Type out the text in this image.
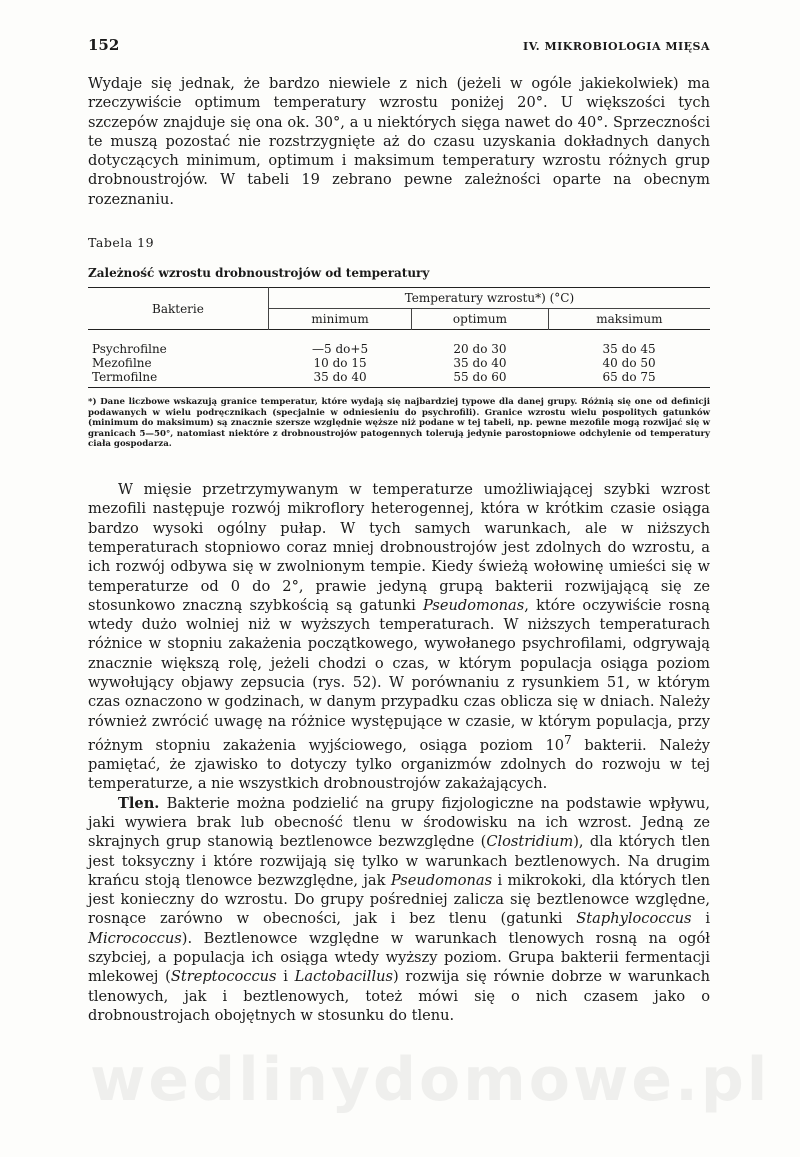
152	IV. MIKROBIOLOGIA MIĘSA

Wydaje się jednak, że bardzo niewiele z nich (jeżeli w ogóle jakiekolwiek) ma rzeczywiście optimum temperatury wzrostu poniżej 20°. U większości tych szczepów znajduje się ona ok. 30°, a u niektórych sięga nawet do 40°. Sprzeczności te muszą pozostać nie rozstrzygnięte aż do czasu uzyskania dokładnych danych dotyczących minimum, optimum i maksimum temperatury wzrostu różnych grup drobnoustrojów. W tabeli 19 zebrano pewne zależności oparte na obecnym rozeznaniu.

Tabela 19
Zależność wzrostu drobnoustrojów od temperatury
Bakterie	Temperatury wzrostu*) (°C)		
	minimum	optimum	maksimum
Psychrofilne	—5 do+5	20 do 30	35 do 45
Mezofilne	10 do 15	35 do 40	40 do 50
Termofilne	35 do 40	55 do 60	65 do 75
*) Dane liczbowe wskazują granice temperatur, które wydają się najbardziej typowe dla danej grupy. Różnią się one od definicji podawanych w wielu podręcznikach (specjalnie w odniesieniu do psychrofili). Granice wzrostu wielu pospolitych gatunków (minimum do maksimum) są znacznie szersze względnie węższe niż podane w tej tabeli, np. pewne mezofile mogą rozwijać się w granicach 5—50°, natomiast niektóre z drobnoustrojów patogennych tolerują jedynie parostopniowe odchylenie od temperatury ciała gospodarza.

W mięsie przetrzymywanym w temperaturze umożliwiającej szybki wzrost mezofili następuje rozwój mikroflory heterogennej, która w krótkim czasie osiąga bardzo wysoki ogólny pułap. W tych samych warunkach, ale w niższych temperaturach stopniowo coraz mniej drobnoustrojów jest zdolnych do wzrostu, a ich rozwój odbywa się w zwolnionym tempie. Kiedy świeżą wołowinę umieści się w temperaturze od 0 do 2°, prawie jedyną grupą bakterii rozwijającą się ze stosunkowo znaczną szybkością są gatunki Pseudomonas, które oczywiście rosną wtedy dużo wolniej niż w wyższych temperaturach. W niższych temperaturach różnice w stopniu zakażenia początkowego, wywołanego psychrofilami, odgrywają znacznie większą rolę, jeżeli chodzi o czas, w którym populacja osiąga poziom wywołujący objawy zepsucia (rys. 52). W porównaniu z rysunkiem 51, w którym czas oznaczono w godzinach, w danym przypadku czas oblicza się w dniach. Należy również zwrócić uwagę na różnice występujące w czasie, w którym populacja, przy różnym stopniu zakażenia wyjściowego, osiąga poziom $10^7$ bakterii. Należy pamiętać, że zjawisko to dotyczy tylko organizmów zdolnych do rozwoju w tej temperaturze, a nie wszystkich drobnoustrojów zakażających.

Tlen. Bakterie można podzielić na grupy fizjologiczne na podstawie wpływu, jaki wywiera brak lub obecność tlenu w środowisku na ich wzrost. Jedną ze skrajnych grup stanowią beztlenowce bezwzględne (Clostridium), dla których tlen jest toksyczny i które rozwijają się tylko w warunkach beztlenowych. Na drugim krańcu stoją tlenowce bezwzględne, jak Pseudomonas i mikrokoki, dla których tlen jest konieczny do wzrostu. Do grupy pośredniej zalicza się beztlenowce względne, rosnące zarówno w obecności, jak i bez tlenu (gatunki Staphylococcus i Micrococcus). Beztlenowce względne w warunkach tlenowych rosną na ogół szybciej, a populacja ich osiąga wtedy wyższy poziom. Grupa bakterii fermentacji mlekowej (Streptococcus i Lactobacillus) rozwija się równie dobrze w warunkach tlenowych, jak i beztlenowych, toteż mówi się o nich czasem jako o drobnoustrojach obojętnych w stosunku do tlenu.

wedlinydomowe.pl
